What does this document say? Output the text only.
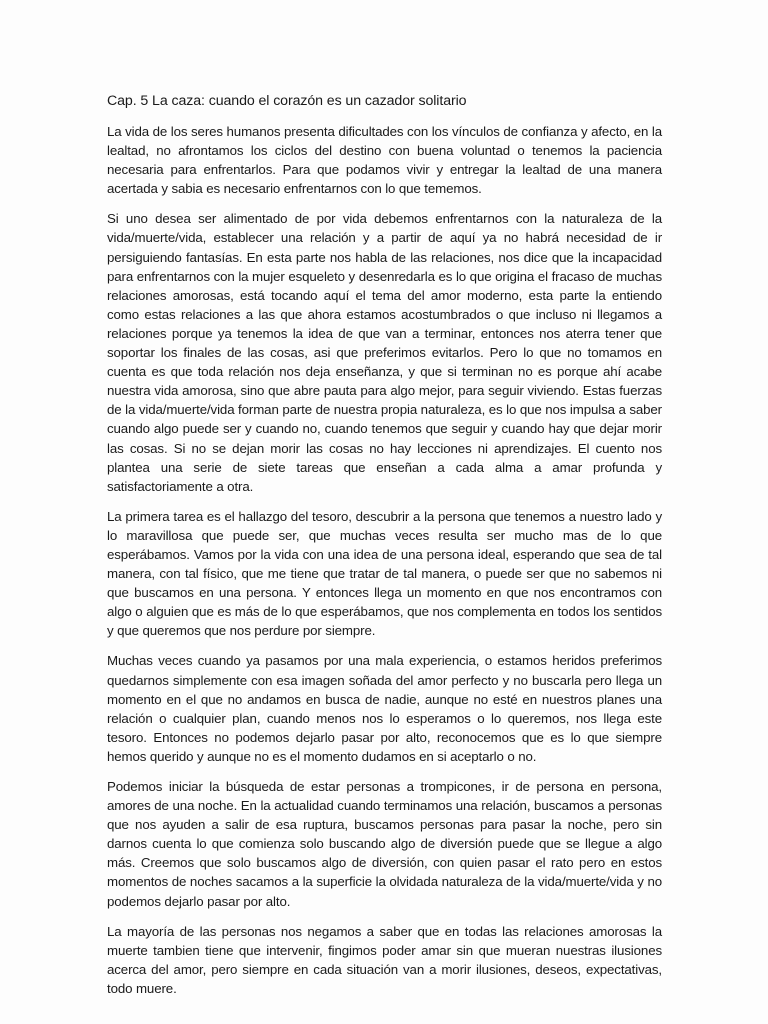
Cap. 5 La caza: cuando el corazón es un cazador solitario

La vida de los seres humanos presenta dificultades con los vínculos de confianza y afecto, en la lealtad, no afrontamos los ciclos del destino con buena voluntad o tenemos la paciencia necesaria para enfrentarlos. Para que podamos vivir y entregar la lealtad de una manera acertada y sabia es necesario enfrentarnos con lo que tememos.

Si uno desea ser alimentado de por vida debemos enfrentarnos con la naturaleza de la vida/muerte/vida, establecer una relación y a partir de aquí ya no habrá necesidad de ir persiguiendo fantasías. En esta parte nos habla de las relaciones, nos dice que la incapacidad para enfrentarnos con la mujer esqueleto y desenredarla es lo que origina el fracaso de muchas relaciones amorosas, está tocando aquí el tema del amor moderno, esta parte la entiendo como estas relaciones a las que ahora estamos acostumbrados o que incluso ni llegamos a relaciones porque ya tenemos la idea de que van a terminar, entonces nos aterra tener que soportar los finales de las cosas, asi que preferimos evitarlos. Pero lo que no tomamos en cuenta es que toda relación nos deja enseñanza, y que si terminan no es porque ahí acabe nuestra vida amorosa, sino que abre pauta para algo mejor, para seguir viviendo. Estas fuerzas de la vida/muerte/vida forman parte de nuestra propia naturaleza, es lo que nos impulsa a saber cuando algo puede ser y cuando no, cuando tenemos que seguir y cuando hay que dejar morir las cosas. Si no se dejan morir las cosas no hay lecciones ni aprendizajes. El cuento nos plantea una serie de siete tareas que enseñan a cada alma a amar profunda y satisfactoriamente a otra.

La primera tarea es el hallazgo del tesoro, descubrir a la persona que tenemos a nuestro lado y lo maravillosa que puede ser, que muchas veces resulta ser mucho mas de lo que esperábamos. Vamos por la vida con una idea de una persona ideal, esperando que sea de tal manera, con tal físico, que me tiene que tratar de tal manera, o puede ser que no sabemos ni que buscamos en una persona. Y entonces llega un momento en que nos encontramos con algo o alguien que es más de lo que esperábamos, que nos complementa en todos los sentidos y que queremos que nos perdure por siempre.

Muchas veces cuando ya pasamos por una mala experiencia, o estamos heridos preferimos quedarnos simplemente con esa imagen soñada del amor perfecto y no buscarla pero llega un momento en el que no andamos en busca de nadie, aunque no esté en nuestros planes una relación o cualquier plan, cuando menos nos lo esperamos o lo queremos, nos llega este tesoro. Entonces no podemos dejarlo pasar por alto, reconocemos que es lo que siempre hemos querido y aunque no es el momento dudamos en si aceptarlo o no.

Podemos iniciar la búsqueda de estar personas a trompicones, ir de persona en persona, amores de una noche. En la actualidad cuando terminamos una relación, buscamos a personas que nos ayuden a salir de esa ruptura, buscamos personas para pasar la noche, pero sin darnos cuenta lo que comienza solo buscando algo de diversión puede que se llegue a algo más. Creemos que solo buscamos algo de diversión, con quien pasar el rato pero en estos momentos de noches sacamos a la superficie la olvidada naturaleza de la vida/muerte/vida y no podemos dejarlo pasar por alto.

La mayoría de las personas nos negamos a saber que en todas las relaciones amorosas la muerte tambien tiene que intervenir, fingimos poder amar sin que mueran nuestras ilusiones acerca del amor, pero siempre en cada situación van a morir ilusiones, deseos, expectativas, todo muere.
